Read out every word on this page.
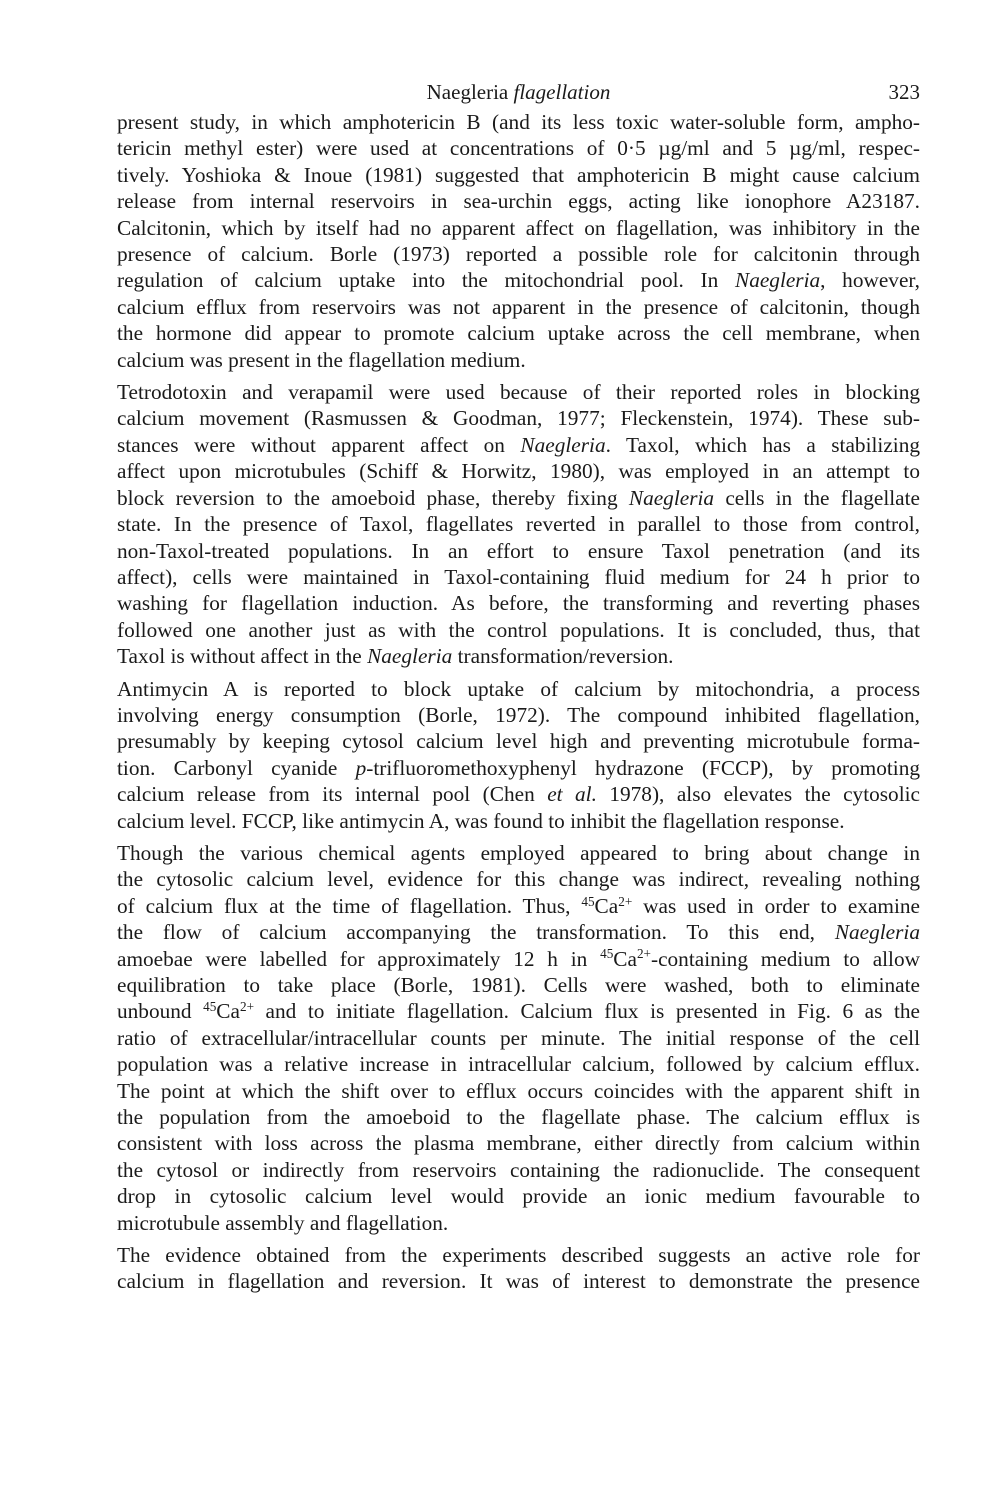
Naegleria flagellation	323
present study, in which amphotericin B (and its less toxic water-soluble form, ampho-
tericin methyl ester) were used at concentrations of 0·5 µg/ml and 5 µg/ml, respec-
tively. Yoshioka & Inoue (1981) suggested that amphotericin B might cause calcium
release from internal reservoirs in sea-urchin eggs, acting like ionophore A23187.
Calcitonin, which by itself had no apparent affect on flagellation, was inhibitory in the
presence of calcium. Borle (1973) reported a possible role for calcitonin through
regulation of calcium uptake into the mitochondrial pool. In Naegleria, however,
calcium efflux from reservoirs was not apparent in the presence of calcitonin, though
the hormone did appear to promote calcium uptake across the cell membrane, when
calcium was present in the flagellation medium.
Tetrodotoxin and verapamil were used because of their reported roles in blocking
calcium movement (Rasmussen & Goodman, 1977; Fleckenstein, 1974). These sub-
stances were without apparent affect on Naegleria. Taxol, which has a stabilizing
affect upon microtubules (Schiff & Horwitz, 1980), was employed in an attempt to
block reversion to the amoeboid phase, thereby fixing Naegleria cells in the flagellate
state. In the presence of Taxol, flagellates reverted in parallel to those from control,
non-Taxol-treated populations. In an effort to ensure Taxol penetration (and its
affect), cells were maintained in Taxol-containing fluid medium for 24 h prior to
washing for flagellation induction. As before, the transforming and reverting phases
followed one another just as with the control populations. It is concluded, thus, that
Taxol is without affect in the Naegleria transformation/reversion.
Antimycin A is reported to block uptake of calcium by mitochondria, a process
involving energy consumption (Borle, 1972). The compound inhibited flagellation,
presumably by keeping cytosol calcium level high and preventing microtubule forma-
tion. Carbonyl cyanide p-trifluoromethoxyphenyl hydrazone (FCCP), by promoting
calcium release from its internal pool (Chen et al. 1978), also elevates the cytosolic
calcium level. FCCP, like antimycin A, was found to inhibit the flagellation response.
Though the various chemical agents employed appeared to bring about change in
the cytosolic calcium level, evidence for this change was indirect, revealing nothing
of calcium flux at the time of flagellation. Thus, $^{45}Ca^{2+}$ was used in order to examine
the flow of calcium accompanying the transformation. To this end, Naegleria
amoebae were labelled for approximately 12 h in $^{45}Ca^{2+}$-containing medium to allow
equilibration to take place (Borle, 1981). Cells were washed, both to eliminate
unbound $^{45}Ca^{2+}$ and to initiate flagellation. Calcium flux is presented in Fig. 6 as the
ratio of extracellular/intracellular counts per minute. The initial response of the cell
population was a relative increase in intracellular calcium, followed by calcium efflux.
The point at which the shift over to efflux occurs coincides with the apparent shift in
the population from the amoeboid to the flagellate phase. The calcium efflux is
consistent with loss across the plasma membrane, either directly from calcium within
the cytosol or indirectly from reservoirs containing the radionuclide. The consequent
drop in cytosolic calcium level would provide an ionic medium favourable to
microtubule assembly and flagellation.
The evidence obtained from the experiments described suggests an active role for
calcium in flagellation and reversion. It was of interest to demonstrate the presence
